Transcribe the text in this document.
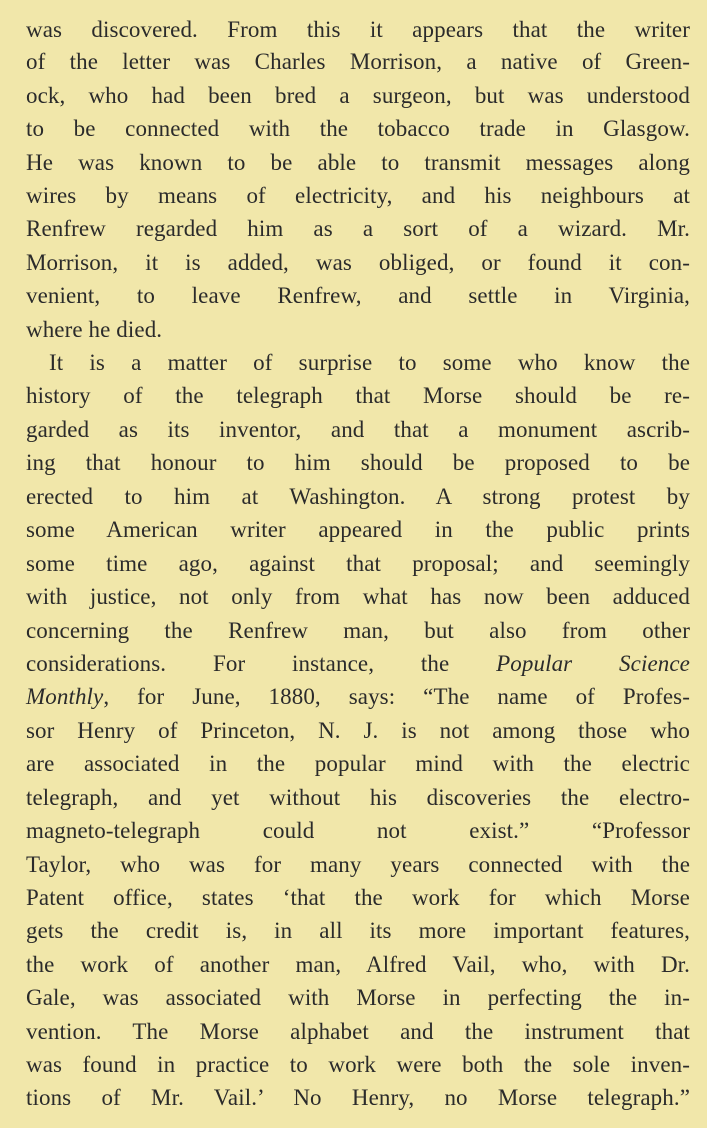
was discovered. From this it appears that the writer
of the letter was Charles Morrison, a native of Green-
ock, who had been bred a surgeon, but was understood
to be connected with the tobacco trade in Glasgow.
He was known to be able to transmit messages along
wires by means of electricity, and his neighbours at
Renfrew regarded him as a sort of a wizard. Mr.
Morrison, it is added, was obliged, or found it con-
venient, to leave Renfrew, and settle in Virginia,
where he died.
It is a matter of surprise to some who know the
history of the telegraph that Morse should be re-
garded as its inventor, and that a monument ascrib-
ing that honour to him should be proposed to be
erected to him at Washington. A strong protest by
some American writer appeared in the public prints
some time ago, against that proposal; and seemingly
with justice, not only from what has now been adduced
concerning the Renfrew man, but also from other
considerations. For instance, the Popular Science
Monthly, for June, 1880, says: “The name of Profes-
sor Henry of Princeton, N. J. is not among those who
are associated in the popular mind with the electric
telegraph, and yet without his discoveries the electro-
magneto-telegraph could not exist.” “Professor
Taylor, who was for many years connected with the
Patent office, states ‘that the work for which Morse
gets the credit is, in all its more important features,
the work of another man, Alfred Vail, who, with Dr.
Gale, was associated with Morse in perfecting the in-
vention. The Morse alphabet and the instrument that
was found in practice to work were both the sole inven-
tions of Mr. Vail.’ No Henry, no Morse telegraph.”
